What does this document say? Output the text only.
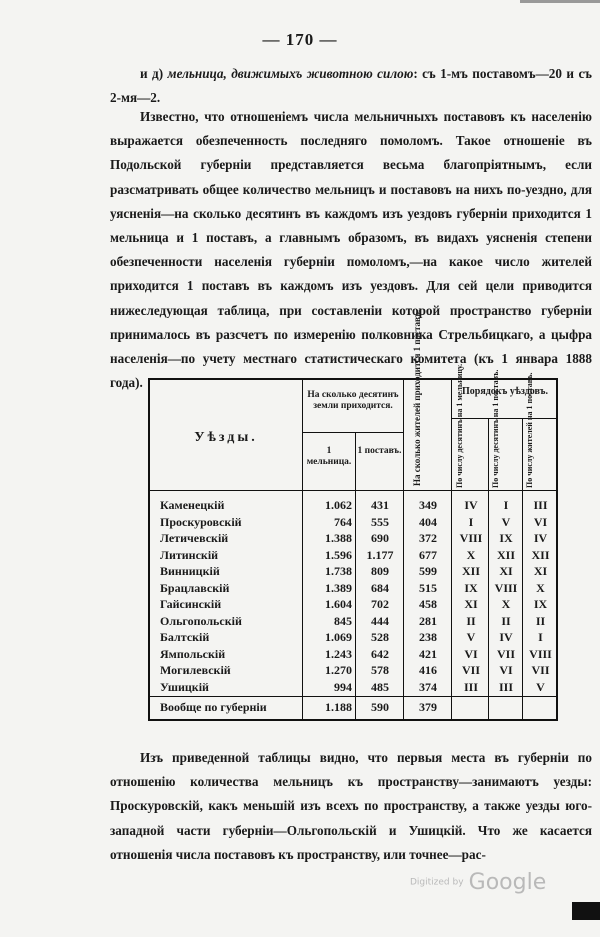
— 170 —
и д) мельница, движимыхъ животною силою: съ 1-мъ поставомъ—20 и съ 2-мя—2.
Известно, что отношеніемъ числа мельничныхъ поставовъ къ населенію выражается обезпеченность последняго помоломъ. Такое отношеніе въ Подольской губерніи представляется весьма благопріятнымъ, если разсматривать общее количество мельницъ и поставовъ на нихъ по-уездно, для уясненія—на сколько десятинъ въ каждомъ изъ уездовъ губерніи приходится 1 мельница и 1 поставъ, а главнымъ образомъ, въ видахъ уясненія степени обезпеченности населенія губерніи помоломъ,—на какое число жителей приходится 1 поставъ въ каждомъ изъ уездовъ. Для сей цели приводится нижеследующая таблица, при составленіи которой пространство губерніи принималось въ разсчетъ по измеренію полковника Стрельбицкаго, а цыфра населенія—по учету местнаго статистическаго комитета (къ 1 январа 1888 года).
Уѣзды.
На сколько десятинъ земли приходится.
1 мельница.
1 поставъ. На сколько жителей приходится 1 поставъ.	Порядокъ уѣздовъ.
По числу десятинъ на 1 мельницу.	По числу десятинъ на 1 поставъ.	По числу жителей на 1 поставъ.
Каменецкій	1.062	431	349	IV	I	III
Проскуровскій	764	555	404	I	V	VI
Летичевскій	1.388	690	372	VIII	IX	IV
Литинскій	1.596	1.177	677	X	XII	XII
Винницкій	1.738	809	599	XII	XI	XI
Брацлавскій	1.389	684	515	IX	VIII	X
Гайсинскій	1.604	702	458	XI	X	IX
Ольгопольскій	845	444	281	II	II	II
Балтскій	1.069	528	238	V	IV	I
Ямпольскій	1.243	642	421	VI	VII	VIII
Могилевскій	1.270	578	416	VII	VI	VII
Ушицкій	994	485	374	III	III	V
Вообще по губерніи	1.188	590	379
Изъ приведенной таблицы видно, что первыя места въ губерніи по отношенію количества мельницъ къ пространству—занимаютъ уезды: Проскуровскій, какъ меньшій изъ всехъ по пространству, а также уезды юго-западной части губерніи—Ольгопольскій и Ушицкій. Что же касается отношенія числа поставовъ къ пространству, или точнее—рас-
Digitized by Google
